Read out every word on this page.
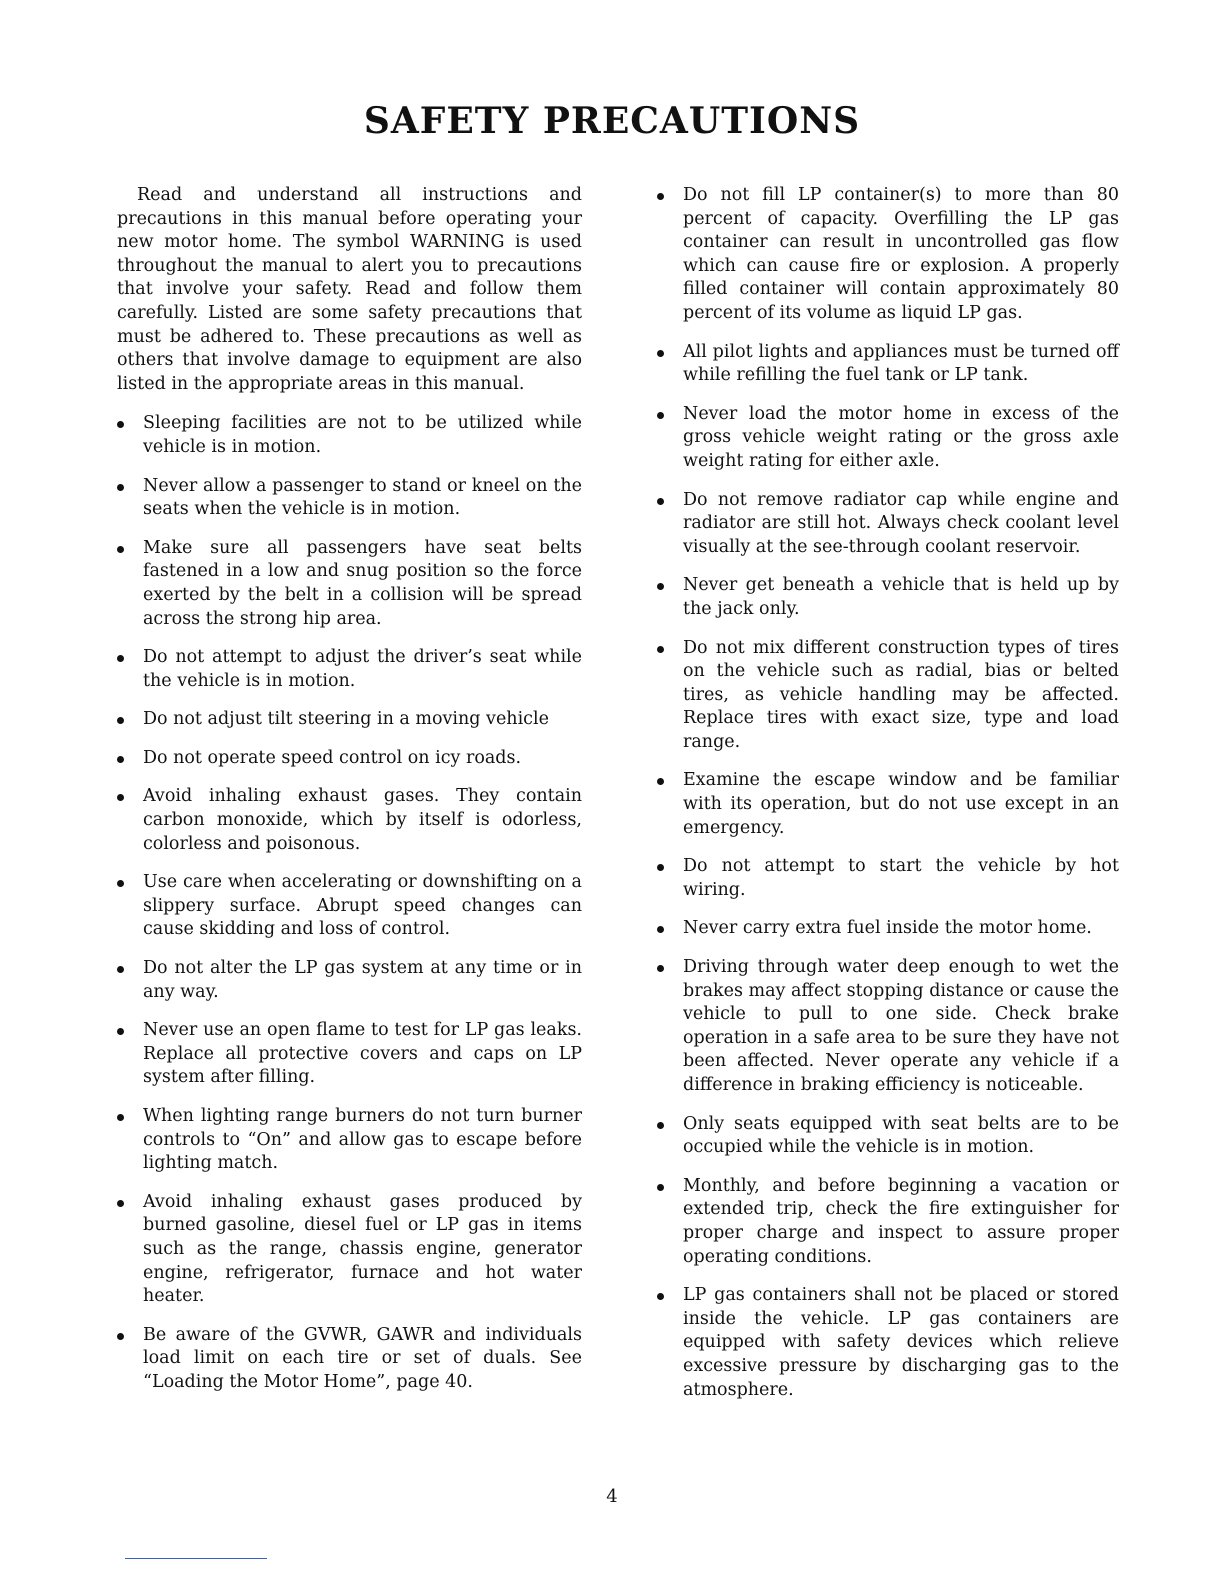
SAFETY PRECAUTIONS

Read and understand all instructions and precautions in this manual before operating your new motor home. The symbol WARNING is used throughout the manual to alert you to precautions that involve your safety. Read and follow them carefully. Listed are some safety precautions that must be adhered to. These precautions as well as others that involve damage to equipment are also listed in the appropriate areas in this manual.

Sleeping facilities are not to be utilized while vehicle is in motion.
Never allow a passenger to stand or kneel on the seats when the vehicle is in motion.
Make sure all passengers have seat belts fastened in a low and snug position so the force exerted by the belt in a collision will be spread across the strong hip area.
Do not attempt to adjust the driver’s seat while the vehicle is in motion.
Do not adjust tilt steering in a moving vehicle
Do not operate speed control on icy roads.
Avoid inhaling exhaust gases. They contain carbon monoxide, which by itself is odorless, colorless and poisonous.
Use care when accelerating or downshifting on a slippery surface. Abrupt speed changes can cause skidding and loss of control.
Do not alter the LP gas system at any time or in any way.
Never use an open flame to test for LP gas leaks. Replace all protective covers and caps on LP system after filling.
When lighting range burners do not turn burner controls to “On” and allow gas to escape before lighting match.
Avoid inhaling exhaust gases produced by burned gasoline, diesel fuel or LP gas in items such as the range, chassis engine, generator engine, refrigerator, furnace and hot water heater.
Be aware of the GVWR, GAWR and individuals load limit on each tire or set of duals. See “Loading the Motor Home”, page 40.
Do not fill LP container(s) to more than 80 percent of capacity. Overfilling the LP gas container can result in uncontrolled gas flow which can cause fire or explosion. A properly filled container will contain approximately 80 percent of its volume as liquid LP gas.
All pilot lights and appliances must be turned off while refilling the fuel tank or LP tank.
Never load the motor home in excess of the gross vehicle weight rating or the gross axle weight rating for either axle.
Do not remove radiator cap while engine and radiator are still hot. Always check coolant level visually at the see-through coolant reservoir.
Never get beneath a vehicle that is held up by the jack only.
Do not mix different construction types of tires on the vehicle such as radial, bias or belted tires, as vehicle handling may be affected. Replace tires with exact size, type and load range.
Examine the escape window and be familiar with its operation, but do not use except in an emergency.
Do not attempt to start the vehicle by hot wiring.
Never carry extra fuel inside the motor home.
Driving through water deep enough to wet the brakes may affect stopping distance or cause the vehicle to pull to one side. Check brake operation in a safe area to be sure they have not been affected. Never operate any vehicle if a difference in braking efficiency is noticeable.
Only seats equipped with seat belts are to be occupied while the vehicle is in motion.
Monthly, and before beginning a vacation or extended trip, check the fire extinguisher for proper charge and inspect to assure proper operating conditions.
LP gas containers shall not be placed or stored inside the vehicle. LP gas containers are equipped with safety devices which relieve excessive pressure by discharging gas to the atmosphere.
4
